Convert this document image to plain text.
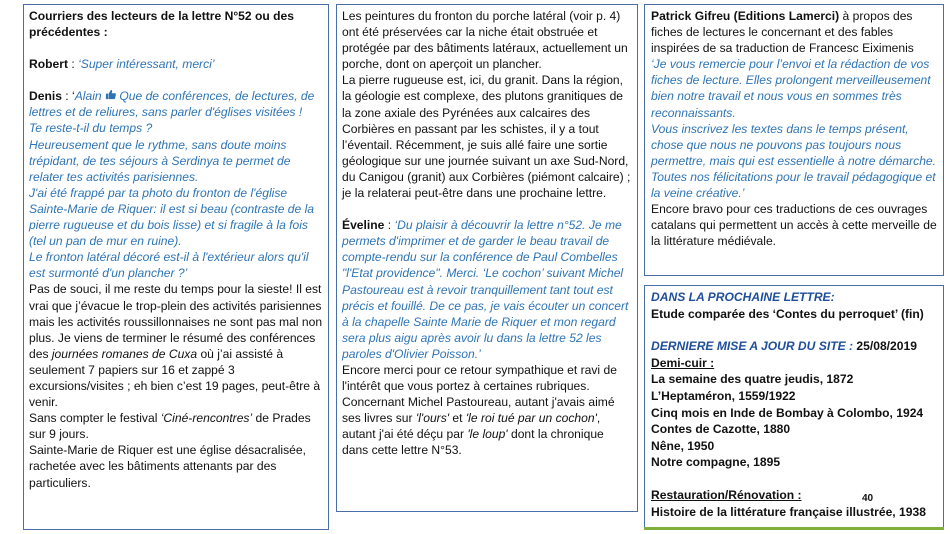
Courriers des lecteurs de la lettre N°52 ou des précédentes :

Robert : ‘Super intéressant, merci’

Denis : ‘Alain  Que de conférences, de lectures, de lettres et de reliures, sans parler d'églises visitées !

Te reste-t-il du temps ?

Heureusement que le rythme, sans doute moins trépidant, de tes séjours à Serdinya te permet de relater tes activités parisiennes.

J'ai été frappé par ta photo du fronton de l'église Sainte-Marie de Riquer: il est si beau (contraste de la pierre rugueuse et du bois lisse) et si fragile à la fois (tel un pan de mur en ruine).

Le fronton latéral décoré est-il à l'extérieur alors qu'il est surmonté d'un plancher ?’

Pas de souci, il me reste du temps pour la sieste! Il est vrai que j’évacue le trop-plein des activités parisiennes mais les activités roussillonnaises ne sont pas mal non plus. Je viens de terminer le résumé des conférences des journées romanes de Cuxa où j’ai assisté à seulement 7 papiers sur 16 et zappé 3 excursions/visites ; eh bien c’est 19 pages, peut-être à venir.

Sans compter le festival ‘Ciné-rencontres’ de Prades sur 9 jours.

Sainte-Marie de Riquer est une église désacralisée, rachetée avec les bâtiments attenants par des particuliers.

Les peintures du fronton du porche latéral (voir p. 4) ont été préservées car la niche était obstruée et protégée par des bâtiments latéraux, actuellement un porche, dont on aperçoit un plancher.

La pierre rugueuse est, ici, du granit. Dans la région, la géologie est complexe, des plutons granitiques de la zone axiale des Pyrénées aux calcaires des Corbières en passant par les schistes, il y a tout l’éventail. Récemment, je suis allé faire une sortie géologique sur une journée suivant un axe Sud-Nord, du Canigou (granit) aux Corbières (piémont calcaire) ; je la relaterai peut-être dans une prochaine lettre.

Éveline : ‘Du plaisir à découvrir la lettre n°52. Je me permets d'imprimer et de garder le beau travail de compte-rendu sur la conférence de Paul Combelles "l'Etat providence". Merci. ‘Le cochon’ suivant Michel Pastoureau est à revoir tranquillement tant tout est précis et fouillé. De ce pas, je vais écouter un concert à la chapelle Sainte Marie de Riquer et mon regard sera plus aigu après avoir lu dans la lettre 52 les paroles d'Olivier Poisson.’

Encore merci pour ce retour sympathique et ravi de l'intérêt que vous portez à certaines rubriques. Concernant Michel Pastoureau, autant j'avais aimé ses livres sur 'l'ours' et 'le roi tué par un cochon', autant j'ai été déçu par 'le loup' dont la chronique dans cette lettre N°53.

Patrick Gifreu (Editions Lamerci) à propos des fiches de lectures le concernant et des fables inspirées de sa traduction de Francesc Eiximenis

‘Je vous remercie pour l’envoi et la rédaction de vos fiches de lecture. Elles prolongent merveilleusement bien notre travail et nous vous en sommes très reconnaissants.

Vous inscrivez les textes dans le temps présent, chose que nous ne pouvons pas toujours nous permettre, mais qui est essentielle à notre démarche.

Toutes nos félicitations pour le travail pédagogique et la veine créative.’

Encore bravo pour ces traductions de ces ouvrages catalans qui permettent un accès à cette merveille de la littérature médiévale.

DANS LA PROCHAINE LETTRE:

Etude comparée des ‘Contes du perroquet’ (fin)

DERNIERE MISE A JOUR DU SITE : 25/08/2019

Demi-cuir :

La semaine des quatre jeudis, 1872

L’Heptaméron, 1559/1922

Cinq mois en Inde de Bombay à Colombo, 1924

Contes de Cazotte, 1880

Nêne, 1950

Notre compagne, 1895

Restauration/Rénovation :

Histoire de la littérature française illustrée, 1938

40
